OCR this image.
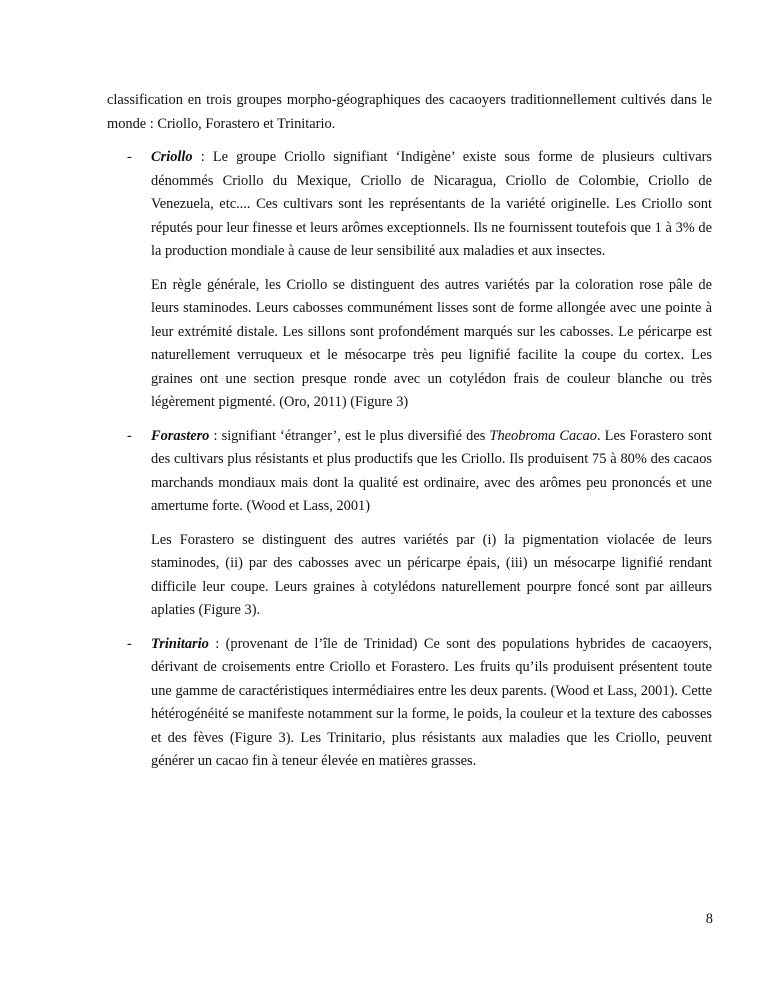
classification en trois groupes morpho-géographiques des cacaoyers traditionnellement cultivés dans le monde : Criollo, Forastero et Trinitario.

- Criollo : Le groupe Criollo signifiant ‘Indigène’ existe sous forme de plusieurs cultivars dénommés Criollo du Mexique, Criollo de Nicaragua, Criollo de Colombie, Criollo de Venezuela, etc.... Ces cultivars sont les représentants de la variété originelle. Les Criollo sont réputés pour leur finesse et leurs arômes exceptionnels. Ils ne fournissent toutefois que 1 à 3% de la production mondiale à cause de leur sensibilité aux maladies et aux insectes.

En règle générale, les Criollo se distinguent des autres variétés par la coloration rose pâle de leurs staminodes. Leurs cabosses communément lisses sont de forme allongée avec une pointe à leur extrémité distale. Les sillons sont profondément marqués sur les cabosses. Le péricarpe est naturellement verruqueux et le mésocarpe très peu lignifié facilite la coupe du cortex. Les graines ont une section presque ronde avec un cotylédon frais de couleur blanche ou très légèrement pigmenté. (Oro, 2011) (Figure 3)

- Forastero : signifiant ‘étranger’, est le plus diversifié des Theobroma Cacao. Les Forastero sont des cultivars plus résistants et plus productifs que les Criollo. Ils produisent 75 à 80% des cacaos marchands mondiaux mais dont la qualité est ordinaire, avec des arômes peu prononcés et une amertume forte. (Wood et Lass, 2001)

Les Forastero se distinguent des autres variétés par (i) la pigmentation violacée de leurs staminodes, (ii) par des cabosses avec un péricarpe épais, (iii) un mésocarpe lignifié rendant difficile leur coupe. Leurs graines à cotylédons naturellement pourpre foncé sont par ailleurs aplaties (Figure 3).

- Trinitario : (provenant de l’île de Trinidad) Ce sont des populations hybrides de cacaoyers, dérivant de croisements entre Criollo et Forastero. Les fruits qu’ils produisent présentent toute une gamme de caractéristiques intermédiaires entre les deux parents. (Wood et Lass, 2001). Cette hétérogénéité se manifeste notamment sur la forme, le poids, la couleur et la texture des cabosses et des fèves (Figure 3). Les Trinitario, plus résistants aux maladies que les Criollo, peuvent générer un cacao fin à teneur élevée en matières grasses.

8
